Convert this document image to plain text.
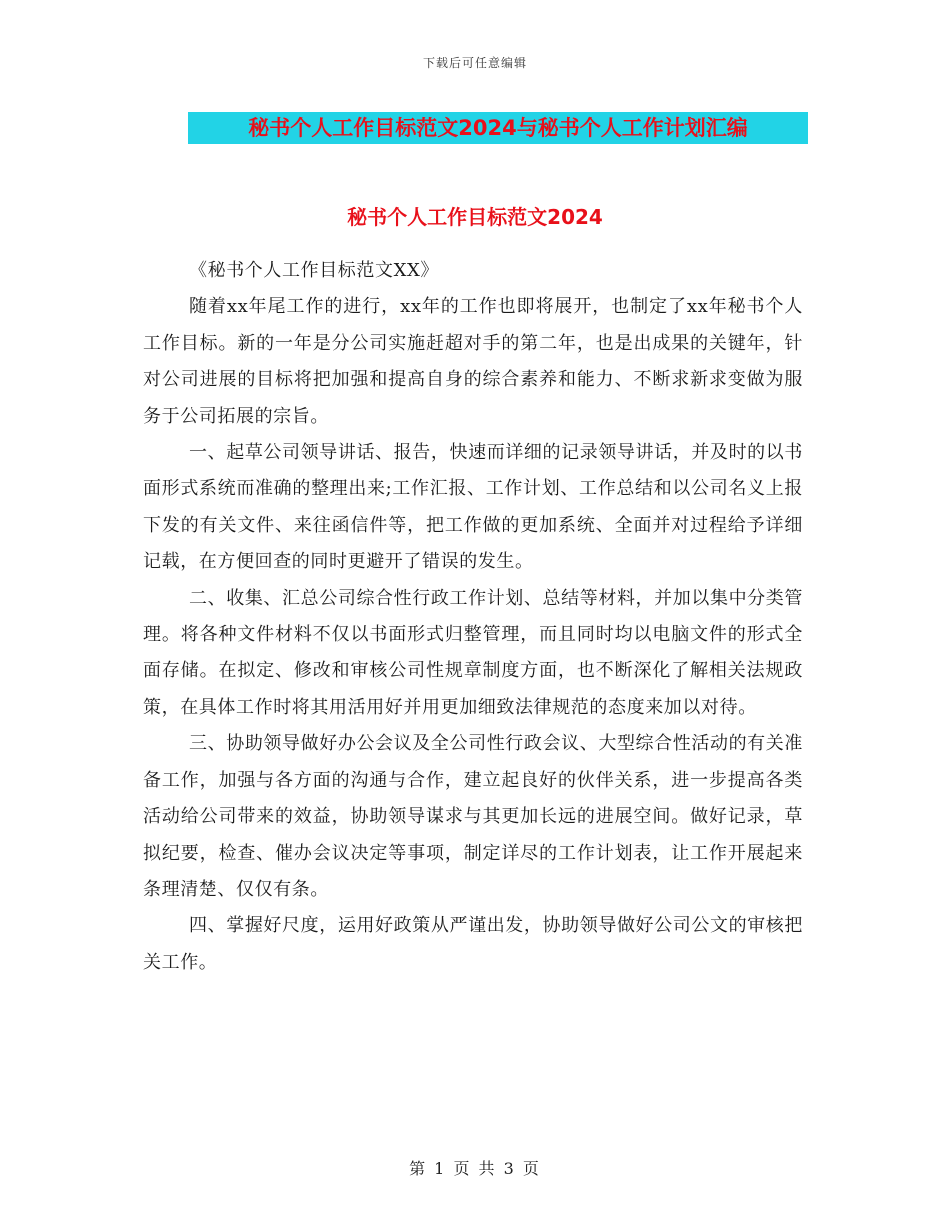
下载后可任意编辑
秘书个人工作目标范文2024与秘书个人工作计划汇编
秘书个人工作目标范文2024

《秘书个人工作目标范文XX》

随着xx年尾工作的进行，xx年的工作也即将展开，也制定了xx年秘书个人工作目标。新的一年是分公司实施赶超对手的第二年，也是出成果的关键年，针对公司进展的目标将把加强和提高自身的综合素养和能力、不断求新求变做为服务于公司拓展的宗旨。

一、起草公司领导讲话、报告，快速而详细的记录领导讲话，并及时的以书面形式系统而准确的整理出来;工作汇报、工作计划、工作总结和以公司名义上报下发的有关文件、来往函信件等，把工作做的更加系统、全面并对过程给予详细记载，在方便回查的同时更避开了错误的发生。

二、收集、汇总公司综合性行政工作计划、总结等材料，并加以集中分类管理。将各种文件材料不仅以书面形式归整管理，而且同时均以电脑文件的形式全面存储。在拟定、修改和审核公司性规章制度方面，也不断深化了解相关法规政策，在具体工作时将其用活用好并用更加细致法律规范的态度来加以对待。

三、协助领导做好办公会议及全公司性行政会议、大型综合性活动的有关准备工作，加强与各方面的沟通与合作，建立起良好的伙伴关系，进一步提高各类活动给公司带来的效益，协助领导谋求与其更加长远的进展空间。做好记录，草拟纪要，检查、催办会议决定等事项，制定详尽的工作计划表，让工作开展起来条理清楚、仅仅有条。

四、掌握好尺度，运用好政策从严谨出发，协助领导做好公司公文的审核把关工作。

第 1 页 共 3 页
